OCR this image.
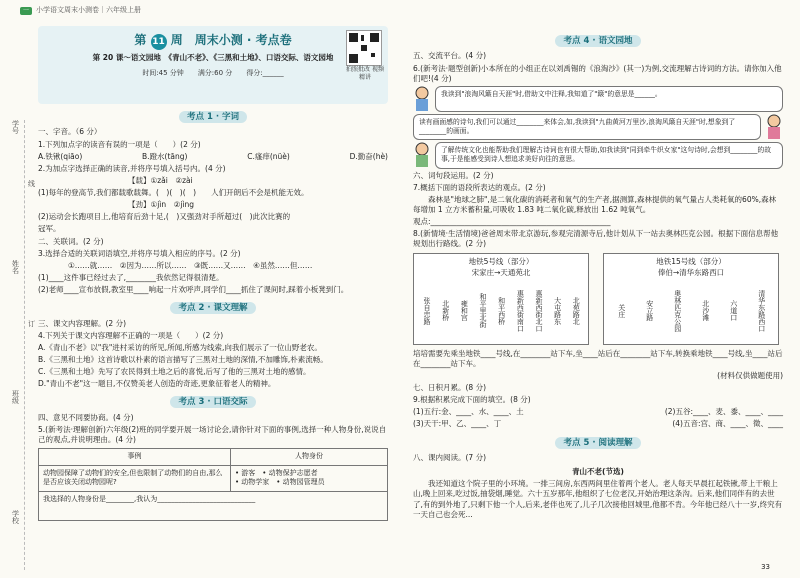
一	小学语文周末小测卷｜六年级上册
学号
姓名
班级
学校
线
订
第 11 周　周末小测 · 考点卷
第 20 课～语文园地　《青山不老》、《三黑和土地》、口语交际、语文园地
时间:45 分钟 满分:60 分 得分:______	拍照批改 视频精讲
考点 1 · 字词
一、字音。（6 分）
1.下列加点字的读音有误的一项是（　　）(2 分)
A.铁锹(qiāo)	B.蹬水(tāng)	C.瘙痒(nüè)	D.勤奋(hè)
2.为加点字选择正确的读音,并将序号填入括号内。(4 分)
【载】①zǎi　②zài
(1)每年的登高节,我们都载歌载舞。(　)(　)(　)　　人们开朗后不会是机能无效。
【劲】①jìn　②jìng
(2)运动会长跑项目上,他培育后劲十足,(　)又强劲对手所超过(　)此次比赛的
冠军。
二、关联词。(2 分)
3.选择合适的关联词语填空,并将序号填入相应的序号。(2 分)
①……就……　②因为……所以……　③既……又……　④虽然……但……
(1)____这件事已经过去了,________我依然记得很清楚。
(2)老师____宣布放假,教室里____响起一片欢呼声,同学们____抓住了课间时,踩着小板凳到门。
考点 2 · 课文理解
三、课文内容理解。(2 分)
4.下列关于课文内容理解不正确的一项是（　　）(2 分)
A.《青山不老》以"我"进村采访的所见,所闻,所感为线索,向我们展示了一位山野老农。
B.《三黑和土地》这首诗歌以朴素的语言描写了三黑对土地的深情,不加雕饰,朴素流畅。
C.《三黑和土地》先写了农民得到土地之后的喜悦,后写了他的三黑对土地的感情。
D."青山不老"这一题目,不仅赞美老人创造的奇迹,更象征着老人的精神。
考点 3 · 口语交际
四、意见不同要协商。(4 分)
5.(新考法·理解创新)六年级(2)班的同学要开展一场讨论会,请你针对下面的事例,选择一种人物身份,说说自己的观点,并说明理由。(4 分)
事例	人物身份
动物园保障了动物们的安全,但也限制了动物们的自由,那么是否应该关闭动物园呢?	• 游客　• 动物保护志愿者
• 动物学家　• 动物园管理员

我选择的人物身份是________,我认为____________________________	
考点 4 · 语文园地
五、交流平台。(4 分)
6.(新考法·题型创新)小本所在的小组正在以刘禹锡的《浪淘沙》(其一)为例,交流理解古诗词的方法。请你加入他们吧!(4 分)
我读到"浪淘风簸自天涯"时,借助文中注释,我知道了"簸"的意思是______。
读有画面感的诗句,我们可以通过________来体会,如,我读到"九曲黄河万里沙,浪淘风簸自天涯"时,想象到了________的画面。
了解传统文化也能帮助我们理解古诗词也有很大帮助,如我读到"同到牵牛织女家"这句诗时,会想到________的故事,于是能感受到诗人想追求美好向往的意思。
六、词句段运用。(2 分)
7.概括下面的语段所表达的观点。(2 分)
森林是"地球之肺",是二氧化碳的消耗者和氧气的生产者,据测算,森林提供的氧气量占人类耗氧的60%,森林每增加 1 立方米蓄积量,可吸收 1.83 吨二氧化碳,释放出 1.62 吨氧气。
观点:________________________________________________
8.(新情境·生活情境)爸爸周末带北京游玩,参观完清源寺后,他计划从下一站去奥林匹克公园。根据下面信息帮他规划出行路线。(2 分)
地铁5号线（部分）
宋家庄→天通苑北
张自忠路 北新桥 雍和宫 和平里北街 和平西桥 惠新西街南口 惠新西街北口 大屯路东 北苑路北
地铁15号线（部分）
俸伯→清华东路西口
关庄	安立路	奥林匹克公园	北沙滩	六道口	清华东路西口
培培需要先乘坐地铁____号线,在________站下车,坐____站后在________站下车,转换乘地铁____号线,坐____站后在________站下车。
(材料仅供做题使用)
七、日积月累。(8 分)
9.根据积累完成下面的填空。(8 分)
(1)五行:金、____、水、____、土	(2)五谷:____、麦、黍、____、____
(3)天干:甲、乙、____、丁	(4)五音:宫、商、____、徵、____
考点 5 · 阅读理解
八、课内阅读。(7 分)
青山不老(节选)
我还知道这个院子里的小环境。一排三间房,东西两间里住着两个老人。老人每天早晨扛起铁锹,带上干粮上山,晚上回来,吃过饭,抽袋烟,睡觉。六十五岁那年,他组织了七位老汉,开始治理这条沟。后来,他们同伴有的去世了,有的到外地了,只剩下他一个人,后来,老伴也死了,儿子几次接他回城里,他都不肯。今年他已经八十一岁,终究有一天自己也会死...
33
